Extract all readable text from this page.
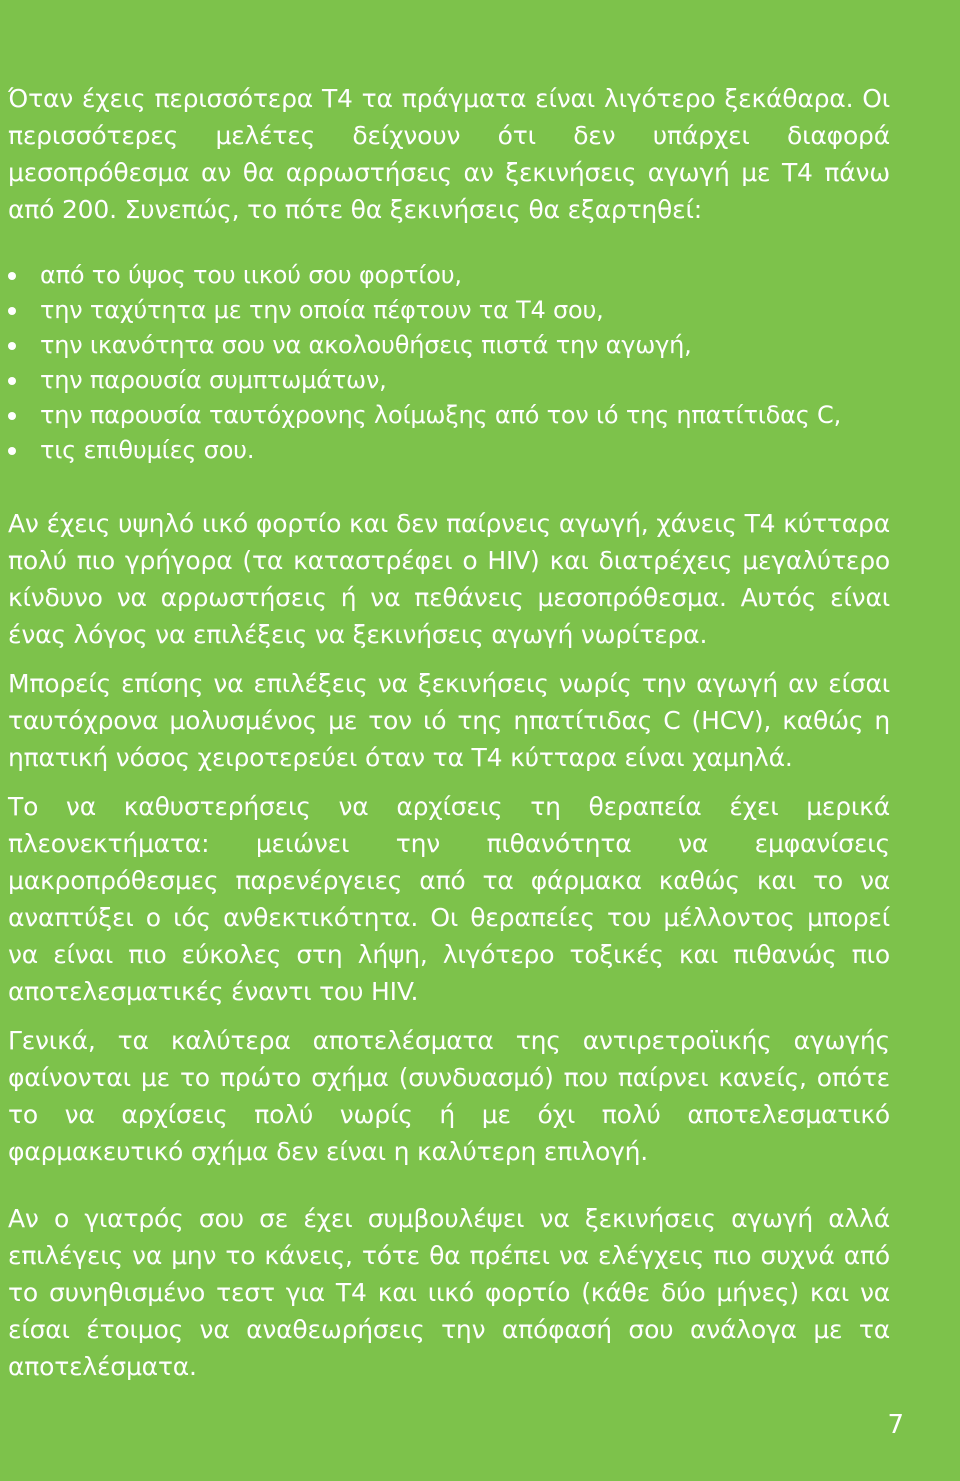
Όταν έχεις περισσότερα Τ4 τα πράγματα είναι λιγότερο ξεκάθαρα. Οι περισσότερες μελέτες δείχνουν ότι δεν υπάρχει διαφορά μεσοπρόθεσμα αν θα αρρωστήσεις αν ξεκινήσεις αγωγή με Τ4 πάνω από 200. Συνεπώς, το πότε θα ξεκινήσεις θα εξαρτηθεί:

από το ύψος του ιικού σου φορτίου,
την ταχύτητα με την οποία πέφτουν τα Τ4 σου,
την ικανότητα σου να ακολουθήσεις πιστά την αγωγή,
την παρουσία συμπτωμάτων,
την παρουσία ταυτόχρονης λοίμωξης από τον ιό της ηπατίτιδας C,
τις επιθυμίες σου.

Αν έχεις υψηλό ιικό φορτίο και δεν παίρνεις αγωγή, χάνεις Τ4 κύτταρα πολύ πιο γρήγορα (τα καταστρέφει ο HIV) και διατρέχεις μεγαλύτερο κίνδυνο να αρρωστήσεις ή να πεθάνεις μεσοπρόθεσμα. Αυτός είναι ένας λόγος να επιλέξεις να ξεκινήσεις αγωγή νωρίτερα.

Μπορείς επίσης να επιλέξεις να ξεκινήσεις νωρίς την αγωγή αν είσαι ταυτόχρονα μολυσμένος με τον ιό της ηπατίτιδας C (HCV), καθώς η ηπατική νόσος χειροτερεύει όταν τα Τ4 κύτταρα είναι χαμηλά.

Το να καθυστερήσεις να αρχίσεις τη θεραπεία έχει μερικά πλεονεκτήματα: μειώνει την πιθανότητα να εμφανίσεις μακροπρόθεσμες παρενέργειες από τα φάρμακα καθώς και το να αναπτύξει ο ιός ανθεκτικότητα. Οι θεραπείες του μέλλοντος μπορεί να είναι πιο εύκολες στη λήψη, λιγότερο τοξικές και πιθανώς πιο αποτελεσματικές έναντι του HIV.

Γενικά, τα καλύτερα αποτελέσματα της αντιρετροϊικής αγωγής φαίνονται με το πρώτο σχήμα (συνδυασμό) που παίρνει κανείς, οπότε το να αρχίσεις πολύ νωρίς ή με όχι πολύ αποτελεσματικό φαρμακευτικό σχήμα δεν είναι η καλύτερη επιλογή.

Αν ο γιατρός σου σε έχει συμβουλέψει να ξεκινήσεις αγωγή αλλά επιλέγεις να μην το κάνεις, τότε θα πρέπει να ελέγχεις πιο συχνά από το συνηθισμένο τεστ για Τ4 και ιικό φορτίο (κάθε δύο μήνες) και να είσαι έτοιμος να αναθεωρήσεις την απόφασή σου ανάλογα με τα αποτελέσματα.

7
